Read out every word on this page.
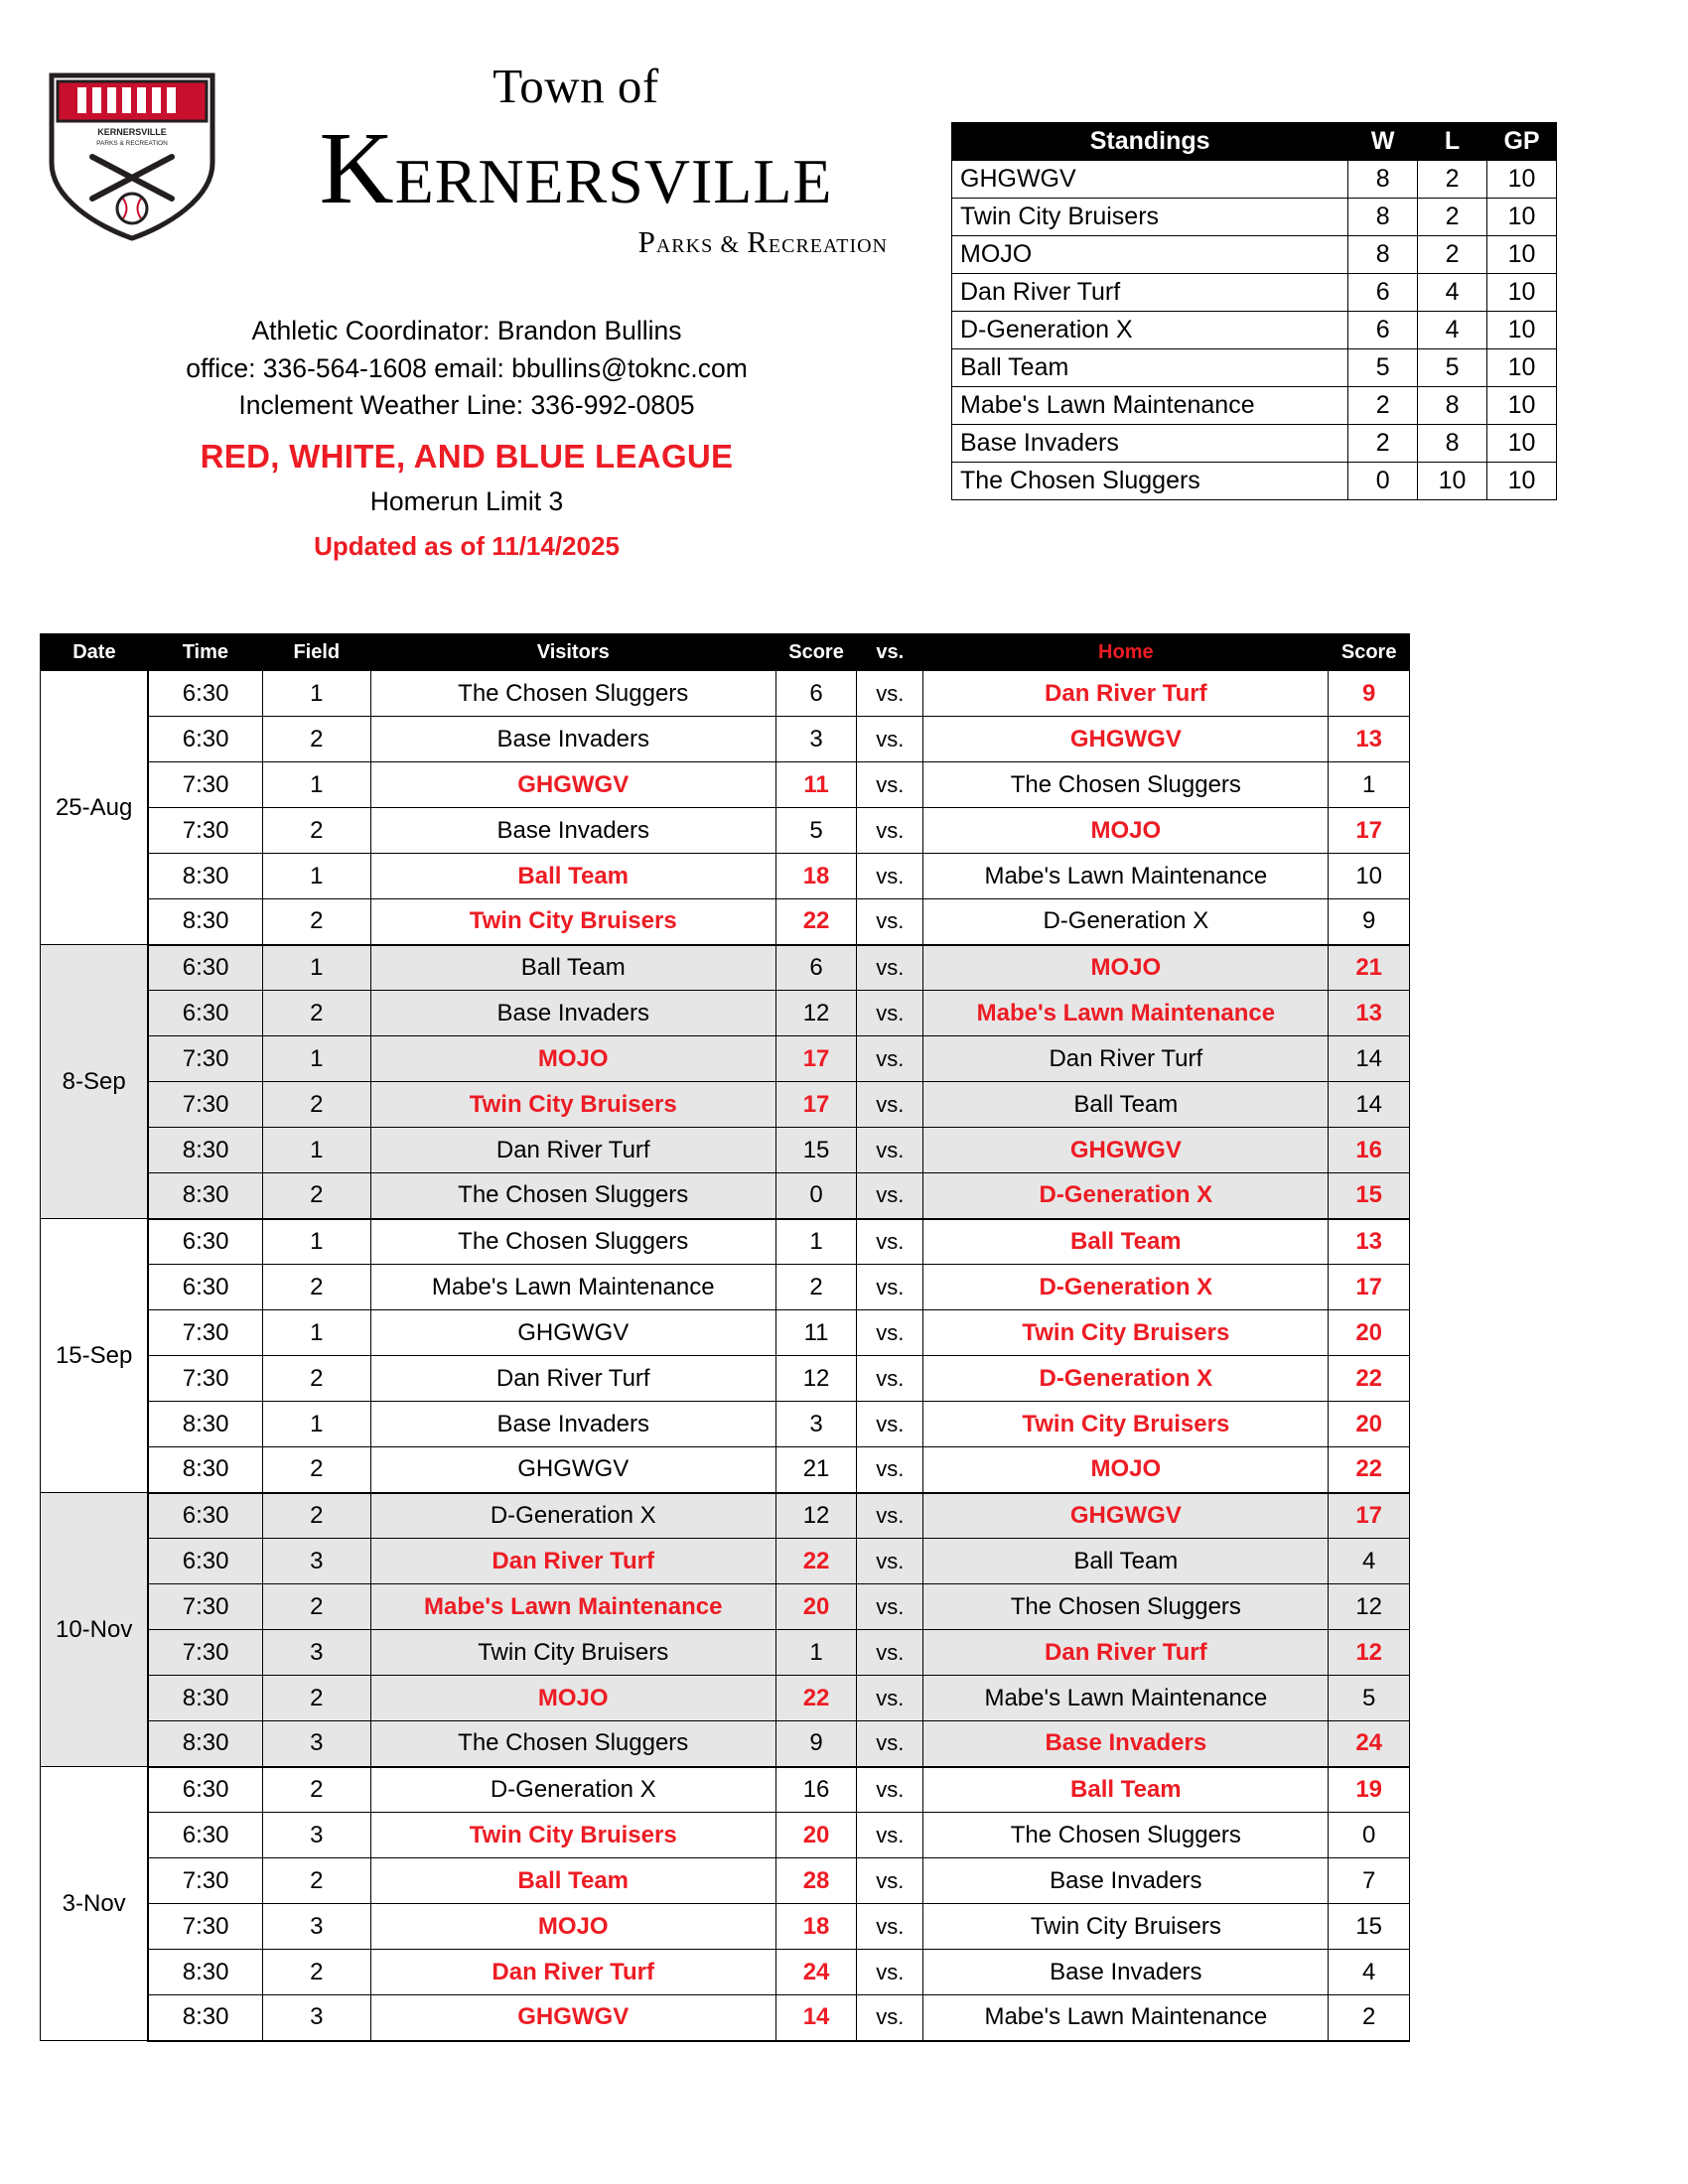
KERNERSVILLE
PARKS & RECREATION
Town of
KERNERSVILLE
PARKS & RECREATION
Athletic Coordinator: Brandon Bullins
office: 336-564-1608 email: bbullins@toknc.com
Inclement Weather Line: 336-992-0805
RED, WHITE, AND BLUE LEAGUE
Homerun Limit 3
Updated as of 11/14/2025
Standings	W	L	GP
GHGWGV	8	2	10
Twin City Bruisers	8	2	10
MOJO	8	2	10
Dan River Turf	6	4	10
D-Generation X	6	4	10
Ball Team	5	5	10
Mabe's Lawn Maintenance	2	8	10
Base Invaders	2	8	10
The Chosen Sluggers	0	10	10
Date	Time	Field	Visitors	Score	vs.	Home	Score
25-Aug	6:30	1	The Chosen Sluggers	6	vs.	Dan River Turf	9
	6:30	2	Base Invaders	3	vs.	GHGWGV	13
	7:30	1	GHGWGV	11	vs.	The Chosen Sluggers	1
	7:30	2	Base Invaders	5	vs.	MOJO	17
	8:30	1	Ball Team	18	vs.	Mabe's Lawn Maintenance	10
	8:30	2	Twin City Bruisers	22	vs.	D-Generation X	9
8-Sep	6:30	1	Ball Team	6	vs.	MOJO	21
	6:30	2	Base Invaders	12	vs.	Mabe's Lawn Maintenance	13
	7:30	1	MOJO	17	vs.	Dan River Turf	14
	7:30	2	Twin City Bruisers	17	vs.	Ball Team	14
	8:30	1	Dan River Turf	15	vs.	GHGWGV	16
	8:30	2	The Chosen Sluggers	0	vs.	D-Generation X	15
15-Sep	6:30	1	The Chosen Sluggers	1	vs.	Ball Team	13
	6:30	2	Mabe's Lawn Maintenance	2	vs.	D-Generation X	17
	7:30	1	GHGWGV	11	vs.	Twin City Bruisers	20
	7:30	2	Dan River Turf	12	vs.	D-Generation X	22
	8:30	1	Base Invaders	3	vs.	Twin City Bruisers	20
	8:30	2	GHGWGV	21	vs.	MOJO	22
10-Nov	6:30	2	D-Generation X	12	vs.	GHGWGV	17
	6:30	3	Dan River Turf	22	vs.	Ball Team	4
	7:30	2	Mabe's Lawn Maintenance	20	vs.	The Chosen Sluggers	12
	7:30	3	Twin City Bruisers	1	vs.	Dan River Turf	12
	8:30	2	MOJO	22	vs.	Mabe's Lawn Maintenance	5
	8:30	3	The Chosen Sluggers	9	vs.	Base Invaders	24
3-Nov	6:30	2	D-Generation X	16	vs.	Ball Team	19
	6:30	3	Twin City Bruisers	20	vs.	The Chosen Sluggers	0
	7:30	2	Ball Team	28	vs.	Base Invaders	7
	7:30	3	MOJO	18	vs.	Twin City Bruisers	15
	8:30	2	Dan River Turf	24	vs.	Base Invaders	4
	8:30	3	GHGWGV	14	vs.	Mabe's Lawn Maintenance	2
